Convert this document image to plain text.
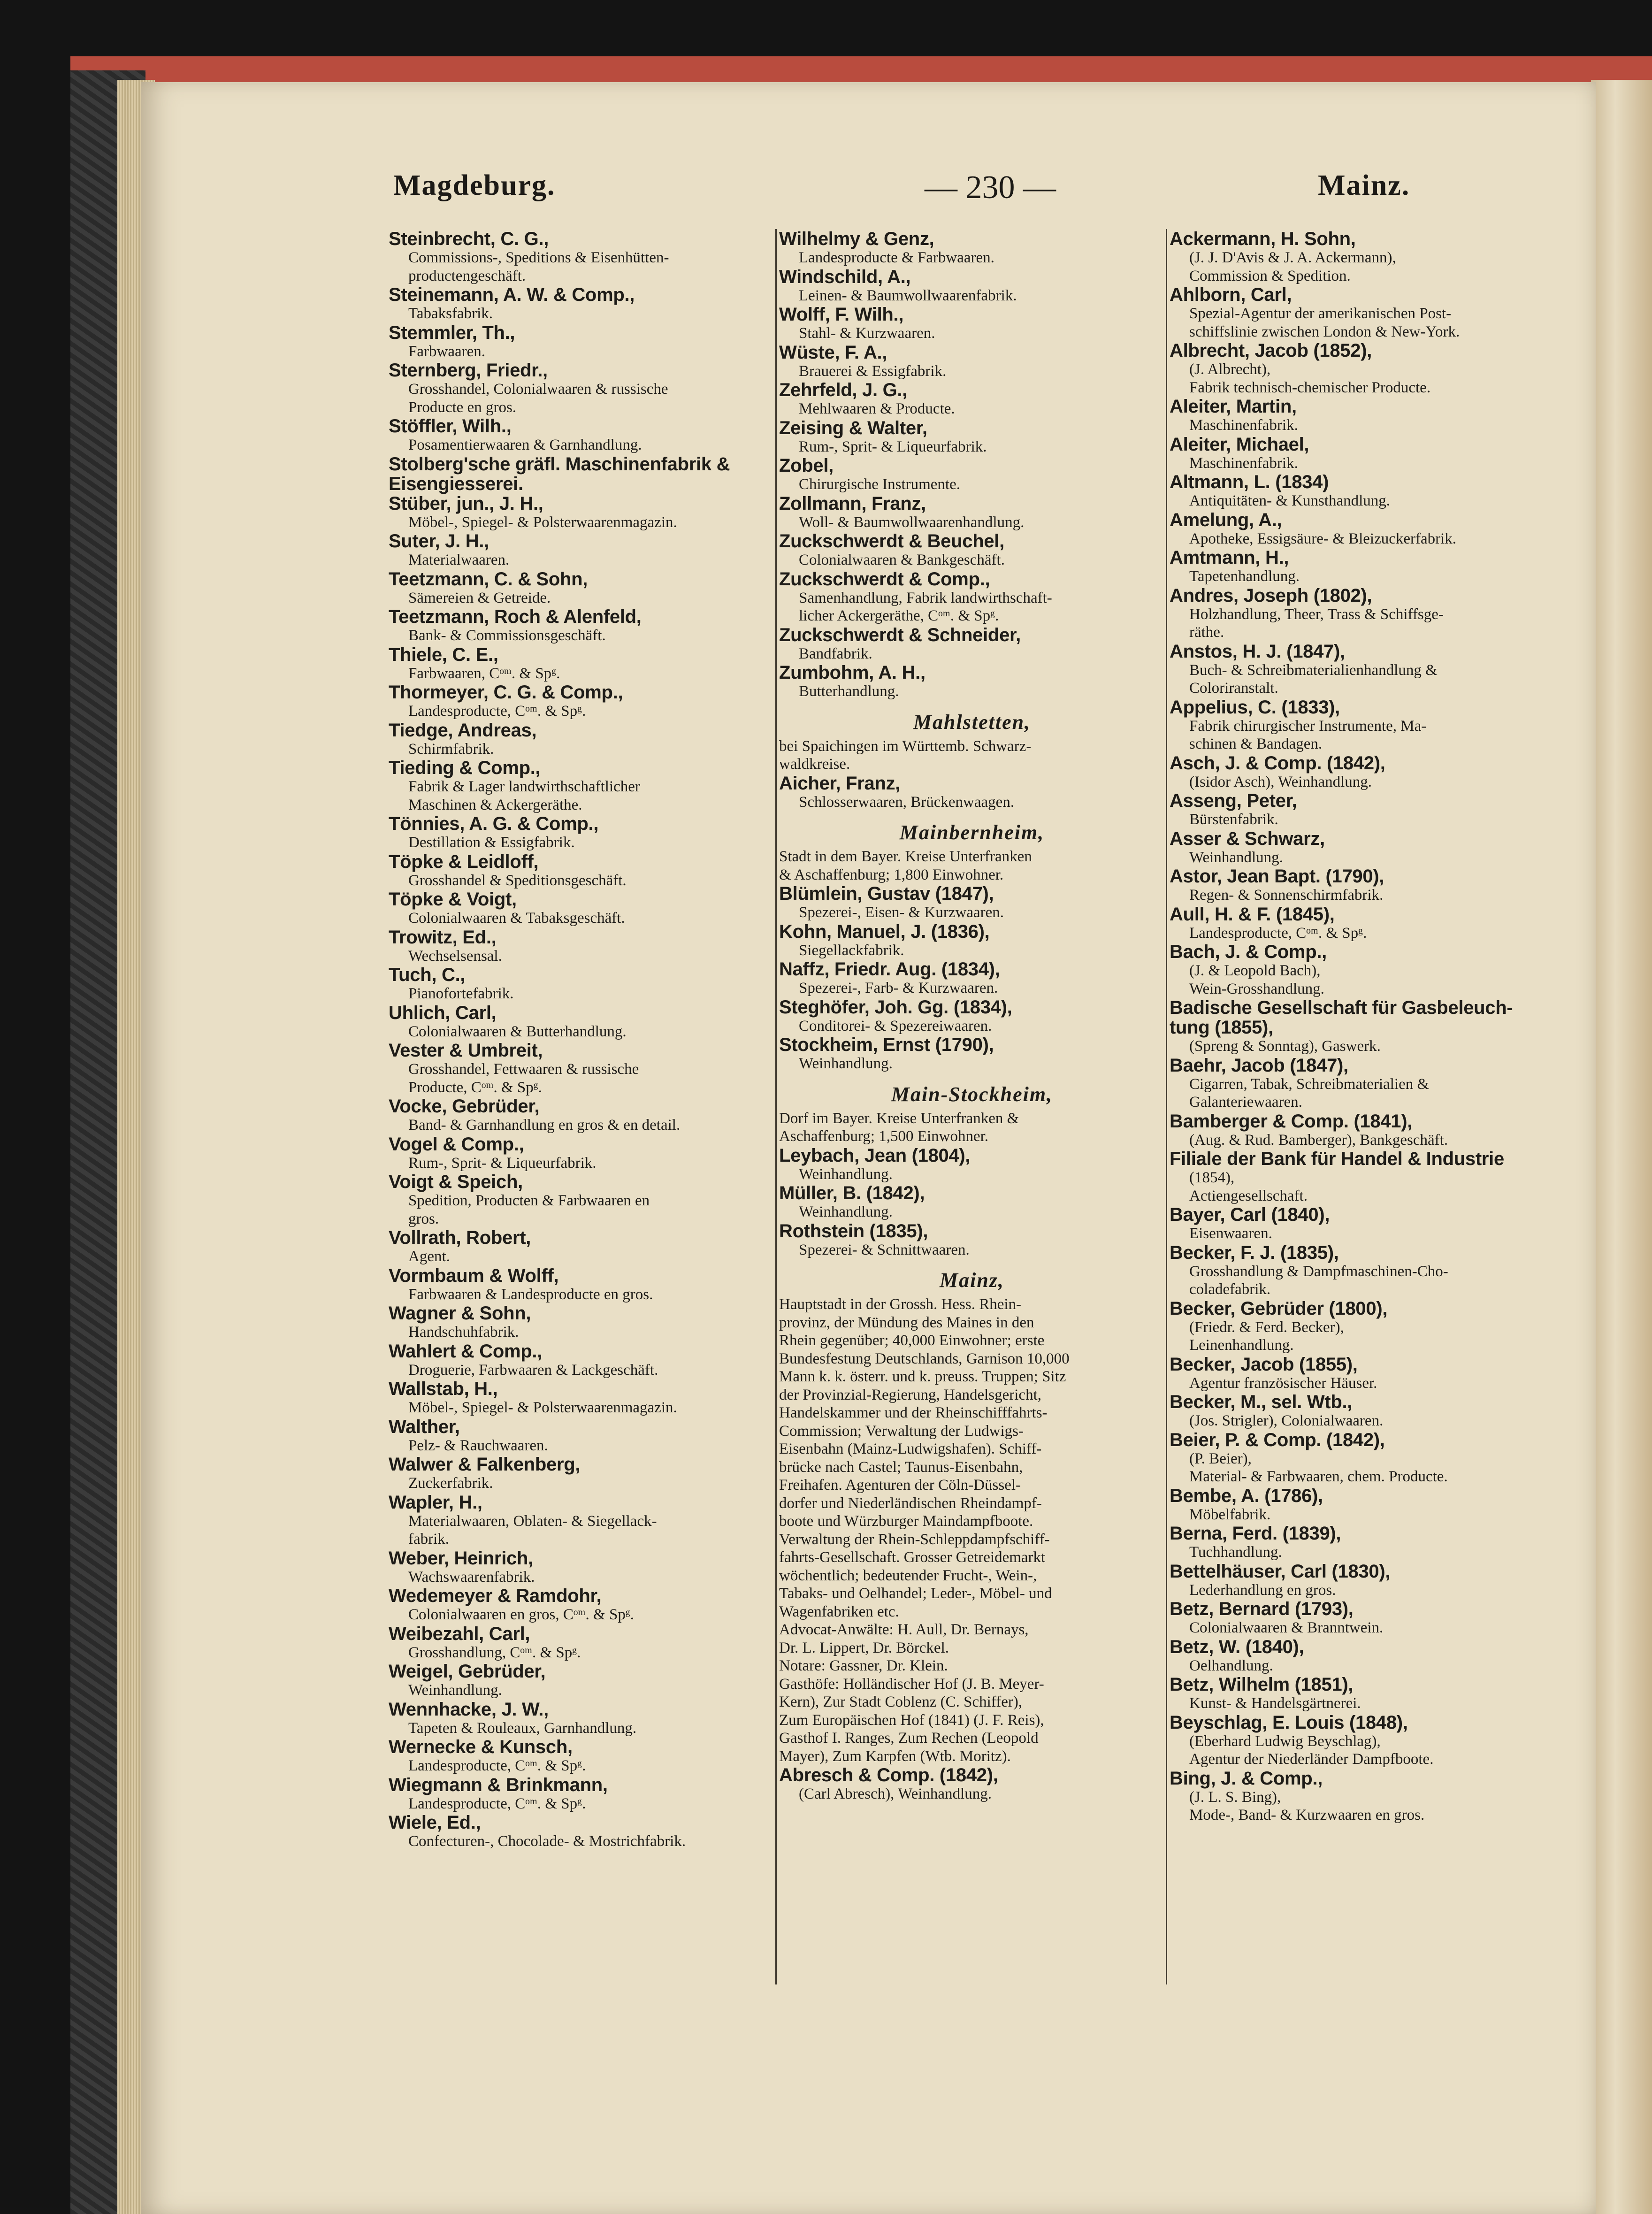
Magdeburg.	— 230 —	Mainz.
Steinbrecht, C. G.,
Commissions-, Speditions & Eisenhütten-
productengeschäft.
Steinemann, A. W. & Comp.,
Tabaksfabrik.
Stemmler, Th.,
Farbwaaren.
Sternberg, Friedr.,
Grosshandel, Colonialwaaren & russische
Producte en gros.
Stöffler, Wilh.,
Posamentierwaaren & Garnhandlung.
Stolberg'sche gräfl. Maschinenfabrik &
Eisengiesserei.
Stüber, jun., J. H.,
Möbel-, Spiegel- & Polsterwaarenmagazin.
Suter, J. H.,
Materialwaaren.
Teetzmann, C. & Sohn,
Sämereien & Getreide.
Teetzmann, Roch & Alenfeld,
Bank- & Commissionsgeschäft.
Thiele, C. E.,
Farbwaaren, Cᵒᵐ. & Spᵍ.
Thormeyer, C. G. & Comp.,
Landesproducte, Cᵒᵐ. & Spᵍ.
Tiedge, Andreas,
Schirmfabrik.
Tieding & Comp.,
Fabrik & Lager landwirthschaftlicher
Maschinen & Ackergeräthe.
Tönnies, A. G. & Comp.,
Destillation & Essigfabrik.
Töpke & Leidloff,
Grosshandel & Speditionsgeschäft.
Töpke & Voigt,
Colonialwaaren & Tabaksgeschäft.
Trowitz, Ed.,
Wechselsensal.
Tuch, C.,
Pianofortefabrik.
Uhlich, Carl,
Colonialwaaren & Butterhandlung.
Vester & Umbreit,
Grosshandel, Fettwaaren & russische
Producte, Cᵒᵐ. & Spᵍ.
Vocke, Gebrüder,
Band- & Garnhandlung en gros & en detail.
Vogel & Comp.,
Rum-, Sprit- & Liqueurfabrik.
Voigt & Speich,
Spedition, Producten & Farbwaaren en
gros.
Vollrath, Robert,
Agent.
Vormbaum & Wolff,
Farbwaaren & Landesproducte en gros.
Wagner & Sohn,
Handschuhfabrik.
Wahlert & Comp.,
Droguerie, Farbwaaren & Lackgeschäft.
Wallstab, H.,
Möbel-, Spiegel- & Polsterwaarenmagazin.
Walther,
Pelz- & Rauchwaaren.
Walwer & Falkenberg,
Zuckerfabrik.
Wapler, H.,
Materialwaaren, Oblaten- & Siegellack-
fabrik.
Weber, Heinrich,
Wachswaarenfabrik.
Wedemeyer & Ramdohr,
Colonialwaaren en gros, Cᵒᵐ. & Spᵍ.
Weibezahl, Carl,
Grosshandlung, Cᵒᵐ. & Spᵍ.
Weigel, Gebrüder,
Weinhandlung.
Wennhacke, J. W.,
Tapeten & Rouleaux, Garnhandlung.
Wernecke & Kunsch,
Landesproducte, Cᵒᵐ. & Spᵍ.
Wiegmann & Brinkmann,
Landesproducte, Cᵒᵐ. & Spᵍ.
Wiele, Ed.,
Confecturen-, Chocolade- & Mostrichfabrik.
Wilhelmy & Genz,
Landesproducte & Farbwaaren.
Windschild, A.,
Leinen- & Baumwollwaarenfabrik.
Wolff, F. Wilh.,
Stahl- & Kurzwaaren.
Wüste, F. A.,
Brauerei & Essigfabrik.
Zehrfeld, J. G.,
Mehlwaaren & Producte.
Zeising & Walter,
Rum-, Sprit- & Liqueurfabrik.
Zobel,
Chirurgische Instrumente.
Zollmann, Franz,
Woll- & Baumwollwaarenhandlung.
Zuckschwerdt & Beuchel,
Colonialwaaren & Bankgeschäft.
Zuckschwerdt & Comp.,
Samenhandlung, Fabrik landwirthschaft-
licher Ackergeräthe, Cᵒᵐ. & Spᵍ.
Zuckschwerdt & Schneider,
Bandfabrik.
Zumbohm, A. H.,
Butterhandlung.
Mahlstetten,
bei Spaichingen im Württemb. Schwarz-
waldkreise.
Aicher, Franz,
Schlosserwaaren, Brückenwaagen.
Mainbernheim,
Stadt in dem Bayer. Kreise Unterfranken
& Aschaffenburg; 1,800 Einwohner.
Blümlein, Gustav (1847),
Spezerei-, Eisen- & Kurzwaaren.
Kohn, Manuel, J. (1836),
Siegellackfabrik.
Naffz, Friedr. Aug. (1834),
Spezerei-, Farb- & Kurzwaaren.
Steghöfer, Joh. Gg. (1834),
Conditorei- & Spezereiwaaren.
Stockheim, Ernst (1790),
Weinhandlung.
Main-Stockheim,
Dorf im Bayer. Kreise Unterfranken &
Aschaffenburg; 1,500 Einwohner.
Leybach, Jean (1804),
Weinhandlung.
Müller, B. (1842),
Weinhandlung.
Rothstein (1835),
Spezerei- & Schnittwaaren.
Mainz,
Hauptstadt in der Grossh. Hess. Rhein-
provinz, der Mündung des Maines in den
Rhein gegenüber; 40,000 Einwohner; erste
Bundesfestung Deutschlands, Garnison 10,000
Mann k. k. österr. und k. preuss. Truppen; Sitz
der Provinzial-Regierung, Handelsgericht,
Handelskammer und der Rheinschifffahrts-
Commission; Verwaltung der Ludwigs-
Eisenbahn (Mainz-Ludwigshafen). Schiff-
brücke nach Castel; Taunus-Eisenbahn,
Freihafen. Agenturen der Cöln-Düssel-
dorfer und Niederländischen Rheindampf-
boote und Würzburger Maindampfboote.
Verwaltung der Rhein-Schleppdampfschiff-
fahrts-Gesellschaft. Grosser Getreidemarkt
wöchentlich; bedeutender Frucht-, Wein-,
Tabaks- und Oelhandel; Leder-, Möbel- und
Wagenfabriken etc.
Advocat-Anwälte: H. Aull, Dr. Bernays,
Dr. L. Lippert, Dr. Börckel.
Notare: Gassner, Dr. Klein.
Gasthöfe: Holländischer Hof (J. B. Meyer-
Kern), Zur Stadt Coblenz (C. Schiffer),
Zum Europäischen Hof (1841) (J. F. Reis),
Gasthof I. Ranges, Zum Rechen (Leopold
Mayer), Zum Karpfen (Wtb. Moritz).
Abresch & Comp. (1842),
(Carl Abresch), Weinhandlung.
Ackermann, H. Sohn,
(J. J. D'Avis & J. A. Ackermann),
Commission & Spedition.
Ahlborn, Carl,
Spezial-Agentur der amerikanischen Post-
schiffslinie zwischen London & New-York.
Albrecht, Jacob (1852),
(J. Albrecht),
Fabrik technisch-chemischer Producte.
Aleiter, Martin,
Maschinenfabrik.
Aleiter, Michael,
Maschinenfabrik.
Altmann, L. (1834)
Antiquitäten- & Kunsthandlung.
Amelung, A.,
Apotheke, Essigsäure- & Bleizuckerfabrik.
Amtmann, H.,
Tapetenhandlung.
Andres, Joseph (1802),
Holzhandlung, Theer, Trass & Schiffsge-
räthe.
Anstos, H. J. (1847),
Buch- & Schreibmaterialienhandlung &
Coloriranstalt.
Appelius, C. (1833),
Fabrik chirurgischer Instrumente, Ma-
schinen & Bandagen.
Asch, J. & Comp. (1842),
(Isidor Asch), Weinhandlung.
Asseng, Peter,
Bürstenfabrik.
Asser & Schwarz,
Weinhandlung.
Astor, Jean Bapt. (1790),
Regen- & Sonnenschirmfabrik.
Aull, H. & F. (1845),
Landesproducte, Cᵒᵐ. & Spᵍ.
Bach, J. & Comp.,
(J. & Leopold Bach),
Wein-Grosshandlung.
Badische Gesellschaft für Gasbeleuch-
tung (1855),
(Spreng & Sonntag), Gaswerk.
Baehr, Jacob (1847),
Cigarren, Tabak, Schreibmaterialien &
Galanteriewaaren.
Bamberger & Comp. (1841),
(Aug. & Rud. Bamberger), Bankgeschäft.
Filiale der Bank für Handel & Industrie
(1854),
Actiengesellschaft.
Bayer, Carl (1840),
Eisenwaaren.
Becker, F. J. (1835),
Grosshandlung & Dampfmaschinen-Cho-
coladefabrik.
Becker, Gebrüder (1800),
(Friedr. & Ferd. Becker),
Leinenhandlung.
Becker, Jacob (1855),
Agentur französischer Häuser.
Becker, M., sel. Wtb.,
(Jos. Strigler), Colonialwaaren.
Beier, P. & Comp. (1842),
(P. Beier),
Material- & Farbwaaren, chem. Producte.
Bembe, A. (1786),
Möbelfabrik.
Berna, Ferd. (1839),
Tuchhandlung.
Bettelhäuser, Carl (1830),
Lederhandlung en gros.
Betz, Bernard (1793),
Colonialwaaren & Branntwein.
Betz, W. (1840),
Oelhandlung.
Betz, Wilhelm (1851),
Kunst- & Handelsgärtnerei.
Beyschlag, E. Louis (1848),
(Eberhard Ludwig Beyschlag),
Agentur der Niederländer Dampfboote.
Bing, J. & Comp.,
(J. L. S. Bing),
Mode-, Band- & Kurzwaaren en gros.
